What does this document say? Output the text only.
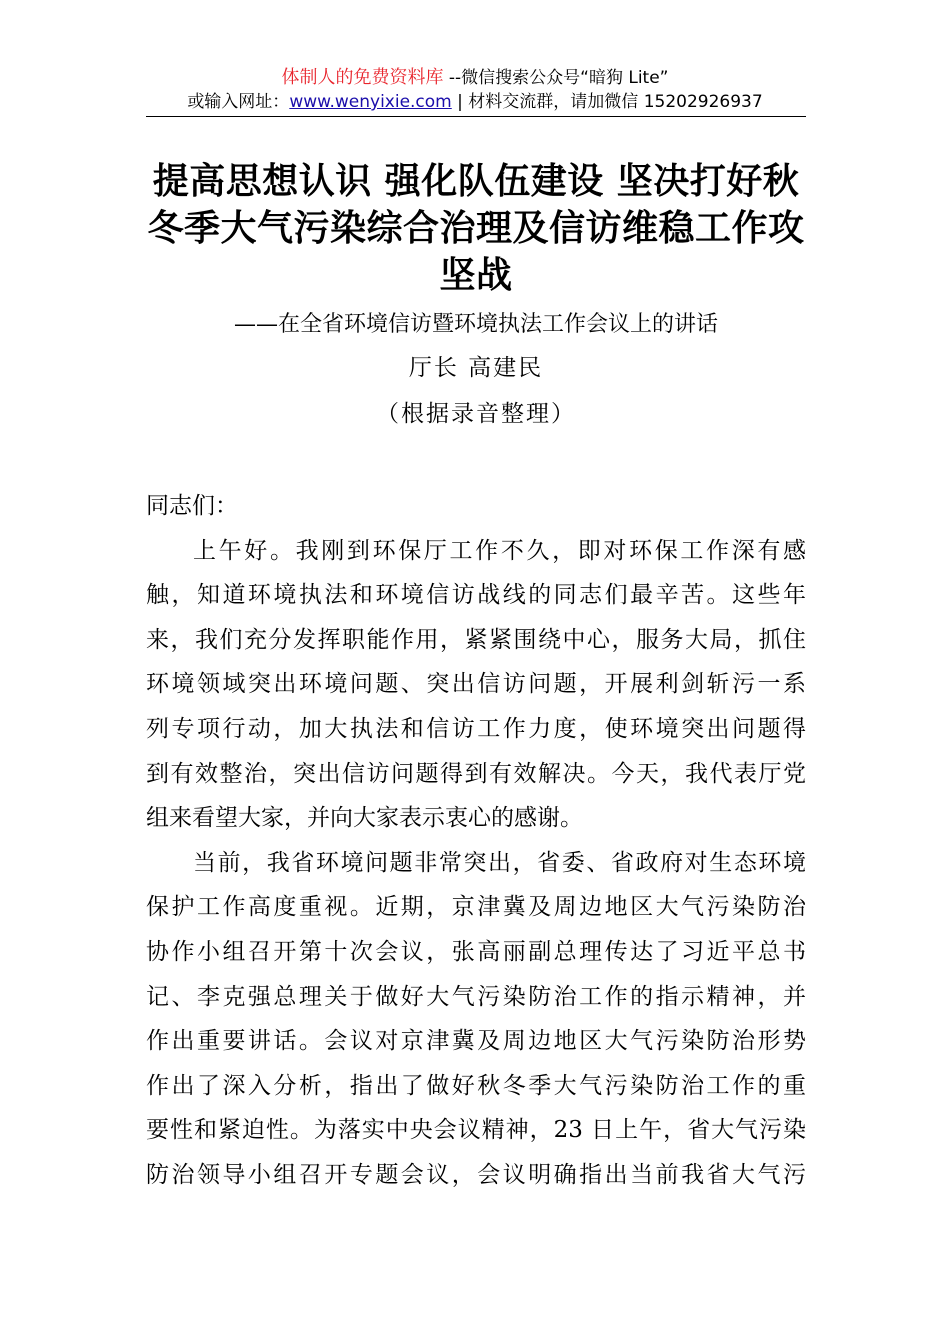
体制人的免费资料库 --微信搜索公众号“暗狗 Lite”
或输入网址：www.wenyixie.com | 材料交流群，请加微信 15202926937
提高思想认识 强化队伍建设 坚决打好秋
冬季大气污染综合治理及信访维稳工作攻
坚战
——在全省环境信访暨环境执法工作会议上的讲话
厅长 高建民
（根据录音整理）
同志们：
上午好。我刚到环保厅工作不久，即对环保工作深有感
触，知道环境执法和环境信访战线的同志们最辛苦。这些年
来，我们充分发挥职能作用，紧紧围绕中心，服务大局，抓住
环境领域突出环境问题、突出信访问题，开展利剑斩污一系
列专项行动，加大执法和信访工作力度，使环境突出问题得
到有效整治，突出信访问题得到有效解决。今天，我代表厅党
组来看望大家，并向大家表示衷心的感谢。
当前，我省环境问题非常突出，省委、省政府对生态环境
保护工作高度重视。近期，京津冀及周边地区大气污染防治
协作小组召开第十次会议，张高丽副总理传达了习近平总书
记、李克强总理关于做好大气污染防治工作的指示精神，并
作出重要讲话。会议对京津冀及周边地区大气污染防治形势
作出了深入分析，指出了做好秋冬季大气污染防治工作的重
要性和紧迫性。为落实中央会议精神，23 日上午，省大气污染
防治领导小组召开专题会议，会议明确指出当前我省大气污
